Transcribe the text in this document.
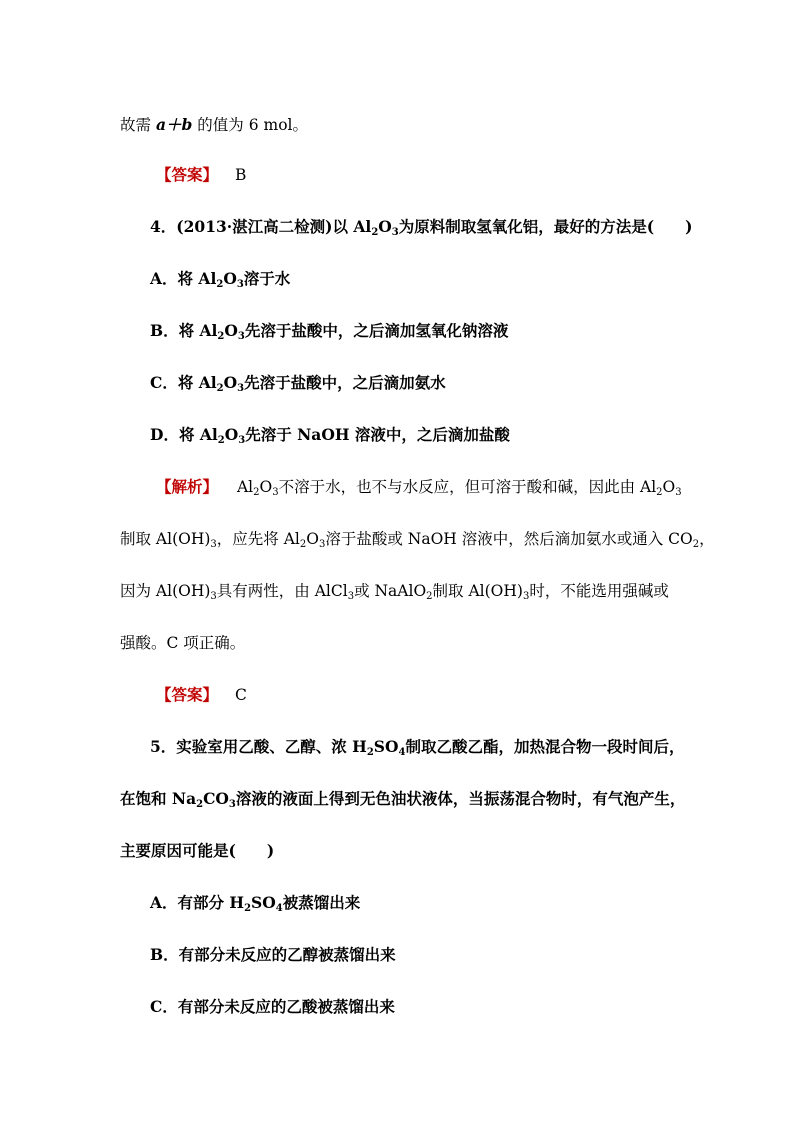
故需 a＋b 的值为 6 mol。
【答案】 B
4．(2013·湛江高二检测)以 $Al_2O_3$为原料制取氢氧化铝，最好的方法是(　　)
A．将 $Al_2O_3$溶于水
B．将 $Al_2O_3$先溶于盐酸中，之后滴加氢氧化钠溶液
C．将 $Al_2O_3$先溶于盐酸中，之后滴加氨水
D．将 $Al_2O_3$先溶于 NaOH 溶液中，之后滴加盐酸
【解析】 $Al_2O_3$不溶于水，也不与水反应，但可溶于酸和碱，因此由 $Al_2O_3$
制取 $Al(OH)_3$，应先将 $Al_2O_3$溶于盐酸或 NaOH 溶液中，然后滴加氨水或通入 $CO_2$，
因为 $Al(OH)_3$具有两性，由 AlCl$_3$或 NaAlO$_2$制取 $Al(OH)_3$时，不能选用强碱或
强酸。C 项正确。
【答案】 C
5．实验室用乙酸、乙醇、浓 $H_2SO_4$制取乙酸乙酯，加热混合物一段时间后，
在饱和 $Na_2CO_3$溶液的液面上得到无色油状液体，当振荡混合物时，有气泡产生，
主要原因可能是(　　)
A．有部分 $H_2SO_4$被蒸馏出来
B．有部分未反应的乙醇被蒸馏出来
C．有部分未反应的乙酸被蒸馏出来
